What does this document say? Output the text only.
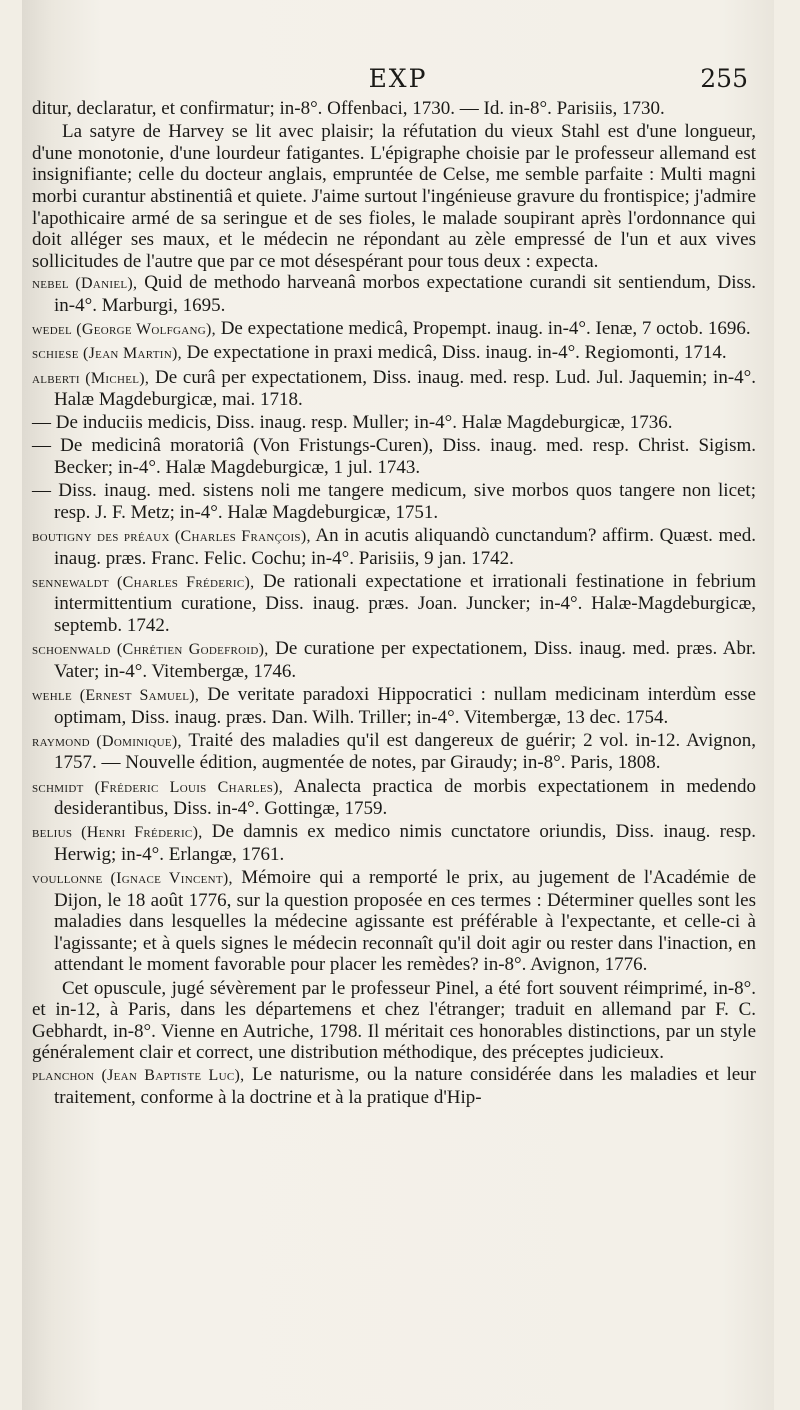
EXP	255

ditur, declaratur, et confirmatur; in-8°. Offenbaci, 1730. — Id. in-8°. Parisiis, 1730.

La satyre de Harvey se lit avec plaisir; la réfutation du vieux Stahl est d'une longueur, d'une monotonie, d'une lourdeur fatigantes. L'épigraphe choisie par le professeur allemand est insignifiante; celle du docteur anglais, empruntée de Celse, me semble parfaite : Multi magni morbi curantur abstinentiâ et quiete. J'aime surtout l'ingénieuse gravure du frontispice; j'admire l'apothicaire armé de sa seringue et de ses fioles, le malade soupirant après l'ordonnance qui doit alléger ses maux, et le médecin ne répondant au zèle empressé de l'un et aux vives sollicitudes de l'autre que par ce mot désespérant pour tous deux : expecta.

nebel (Daniel), Quid de methodo harveanâ morbos expectatione curandi sit sentiendum, Diss. in-4°. Marburgi, 1695.

wedel (George Wolfgang), De expectatione medicâ, Propempt. inaug. in-4°. Ienæ, 7 octob. 1696.

schiese (Jean Martin), De expectatione in praxi medicâ, Diss. inaug. in-4°. Regiomonti, 1714.

alberti (Michel), De curâ per expectationem, Diss. inaug. med. resp. Lud. Jul. Jaquemin; in-4°. Halæ Magdeburgicæ, mai. 1718.

— De induciis medicis, Diss. inaug. resp. Muller; in-4°. Halæ Magdeburgicæ, 1736.

— De medicinâ moratoriâ (Von Fristungs-Curen), Diss. inaug. med. resp. Christ. Sigism. Becker; in-4°. Halæ Magdeburgicæ, 1 jul. 1743.

— Diss. inaug. med. sistens noli me tangere medicum, sive morbos quos tangere non licet; resp. J. F. Metz; in-4°. Halæ Magdeburgicæ, 1751.

boutigny des préaux (Charles François), An in acutis aliquandò cunctandum? affirm. Quæst. med. inaug. præs. Franc. Felic. Cochu; in-4°. Parisiis, 9 jan. 1742.

sennewaldt (Charles Fréderic), De rationali expectatione et irrationali festinatione in febrium intermittentium curatione, Diss. inaug. præs. Joan. Juncker; in-4°. Halæ-Magdeburgicæ, septemb. 1742.

schoenwald (Chrétien Godefroid), De curatione per expectationem, Diss. inaug. med. præs. Abr. Vater; in-4°. Vitembergæ, 1746.

wehle (Ernest Samuel), De veritate paradoxi Hippocratici : nullam medicinam interdùm esse optimam, Diss. inaug. præs. Dan. Wilh. Triller; in-4°. Vitembergæ, 13 dec. 1754.

raymond (Dominique), Traité des maladies qu'il est dangereux de guérir; 2 vol. in-12. Avignon, 1757. — Nouvelle édition, augmentée de notes, par Giraudy; in-8°. Paris, 1808.

schmidt (Fréderic Louis Charles), Analecta practica de morbis expectationem in medendo desiderantibus, Diss. in-4°. Gottingæ, 1759.

belius (Henri Fréderic), De damnis ex medico nimis cunctatore oriundis, Diss. inaug. resp. Herwig; in-4°. Erlangæ, 1761.

voullonne (Ignace Vincent), Mémoire qui a remporté le prix, au jugement de l'Académie de Dijon, le 18 août 1776, sur la question proposée en ces termes : Déterminer quelles sont les maladies dans lesquelles la médecine agissante est préférable à l'expectante, et celle-ci à l'agissante; et à quels signes le médecin reconnaît qu'il doit agir ou rester dans l'inaction, en attendant le moment favorable pour placer les remèdes? in-8°. Avignon, 1776.

Cet opuscule, jugé sévèrement par le professeur Pinel, a été fort souvent réimprimé, in-8°. et in-12, à Paris, dans les départemens et chez l'étranger; traduit en allemand par F. C. Gebhardt, in-8°. Vienne en Autriche, 1798. Il méritait ces honorables distinctions, par un style généralement clair et correct, une distribution méthodique, des préceptes judicieux.

planchon (Jean Baptiste Luc), Le naturisme, ou la nature considérée dans les maladies et leur traitement, conforme à la doctrine et à la pratique d'Hip-
